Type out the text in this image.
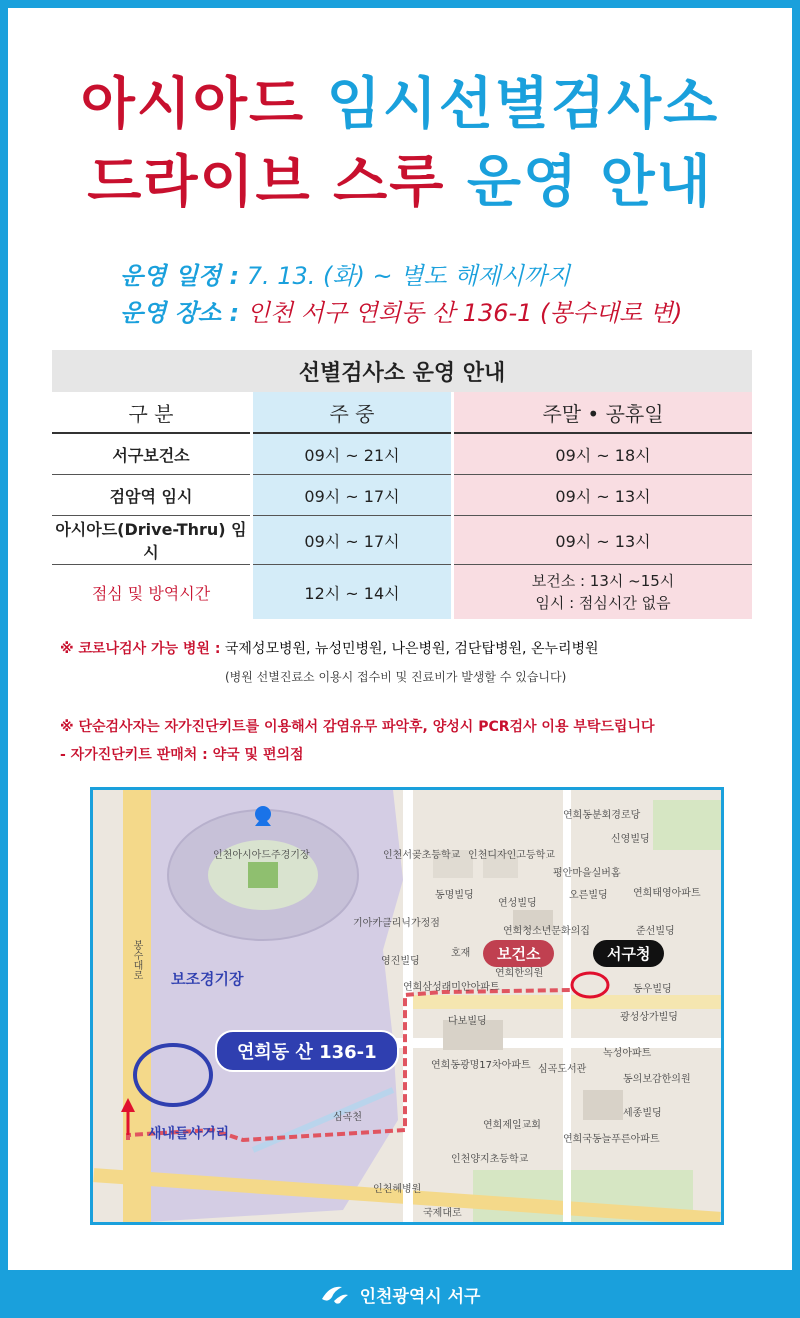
아시아드 임시선별검사소
드라이브 스루 운영 안내
운영 일정 : 7. 13. (화) ~ 별도 해제시까지
운영 장소 : 인천 서구 연희동 산 136-1 (봉수대로 변)
선별검사소 운영 안내		
구 분	주 중	주말 • 공휴일
서구보건소	09시 ~ 21시	09시 ~ 18시
검암역 임시	09시 ~ 17시	09시 ~ 13시
아시아드(Drive-Thru) 임시	09시 ~ 17시	09시 ~ 13시
점심 및 방역시간	12시 ~ 14시	보건소 : 13시 ~15시
임시 : 점심시간 없음
※ 코로나검사 가능 병원 : 국제성모병원, 뉴성민병원, 나은병원, 검단탑병원, 온누리병원
(병원 선별진료소 이용시 접수비 및 진료비가 발생할 수 있습니다)
※ 단순검사자는 자가진단키트를 이용해서 감염유무 파악후, 양성시 PCR검사 이용 부탁드립니다
- 자가진단키트 판매처 : 약국 및 편의점
인천아시아드주경기장	인천서곶초등학교 인천디자인고등학교
연희동분회경로당
신영빌딩
평안마을실버홈
동명빌딩
연성빌딩
오른빌딩	연희태영아파트
기아카클리닉가정점
연희청소년문화의집	준선빌딩
영진빌딩
호재
연희한의원
연희삼성래미안아파트	동우빌딩
다보빌딩	광성상가빌딩
연희동광명17차아파트 심곡도서관
녹성아파트
동의보감한의원
세종빌딩
연희제일교회
연희국동늘푸른아파트
인천양지초등학교
인천혜병원
국제대로
봉수대로
심곡천
보조경기장
새내들사거리
연희동 산 136-1
보건소	서구청
인천광역시 서구
